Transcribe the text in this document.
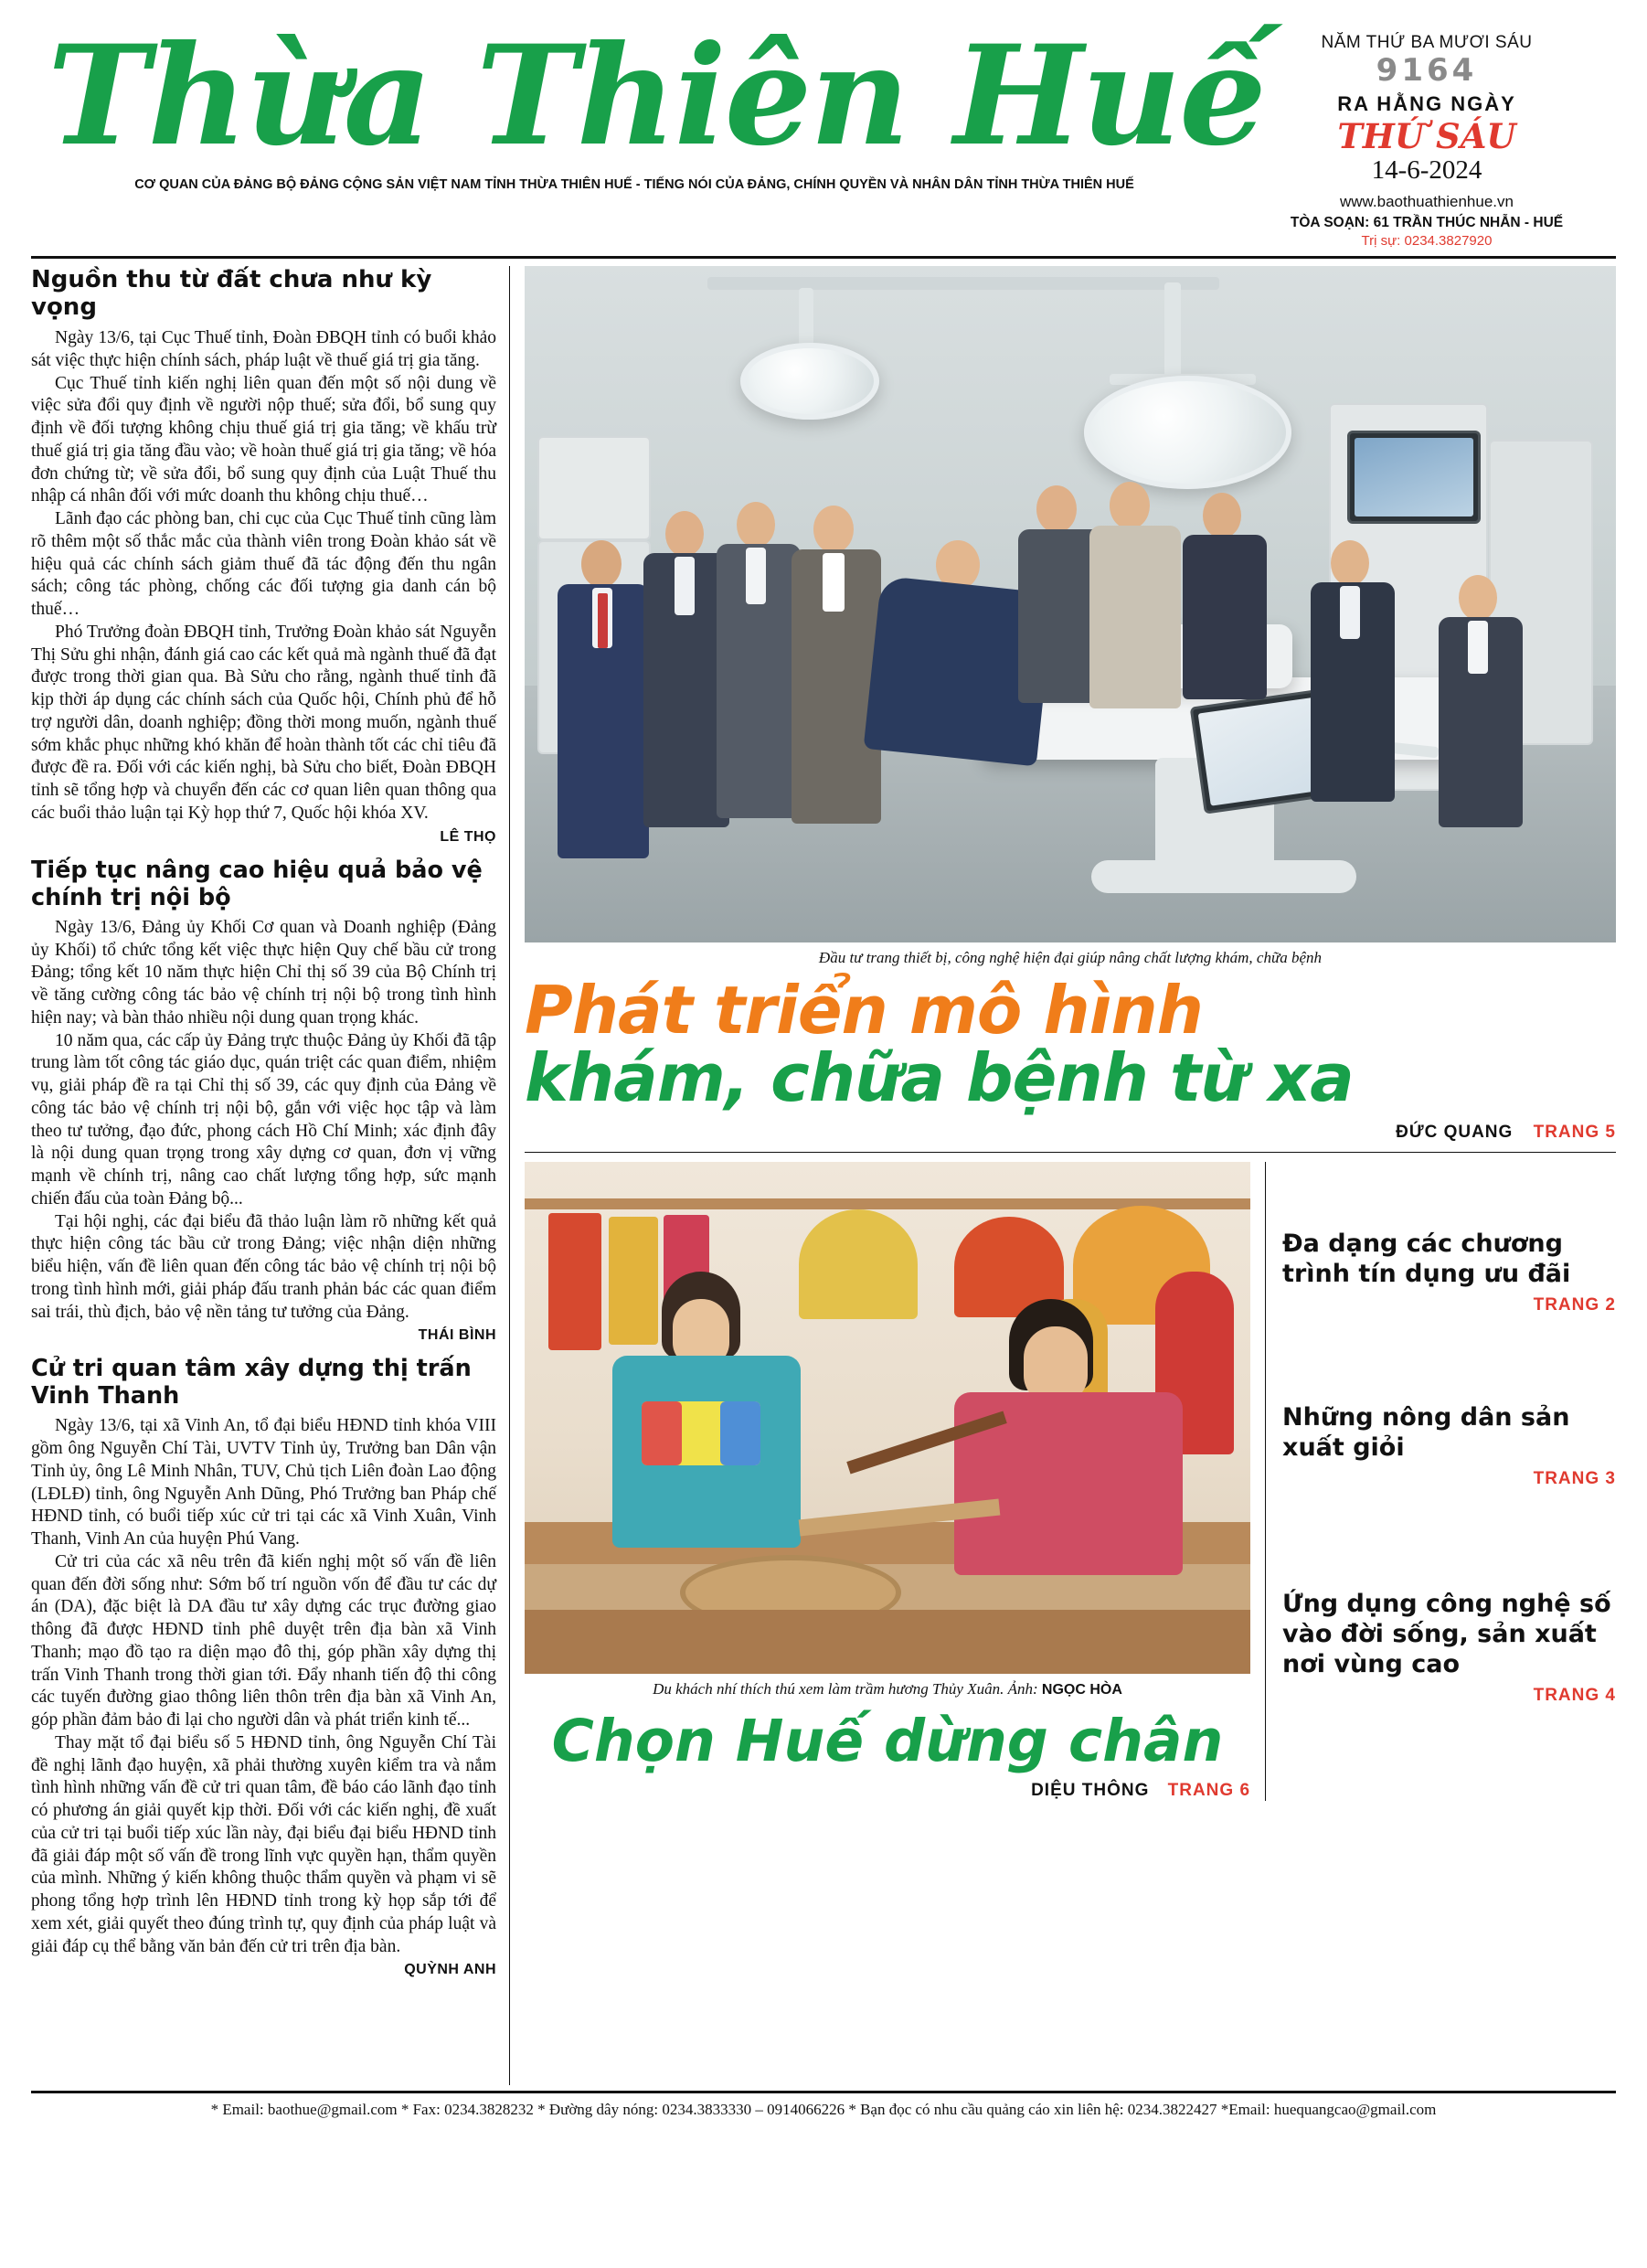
Thừa Thiên Huế
CƠ QUAN CỦA ĐẢNG BỘ ĐẢNG CỘNG SẢN VIỆT NAM TỈNH THỪA THIÊN HUẾ - TIẾNG NÓI CỦA ĐẢNG, CHÍNH QUYỀN VÀ NHÂN DÂN TỈNH THỪA THIÊN HUẾ
NĂM THỨ BA MƯƠI SÁU
9164
RA HẰNG NGÀY
THỨ SÁU
14-6-2024
www.baothuathienhue.vn
TÒA SOẠN: 61 TRẦN THÚC NHẪN - HUẾ
Trị sự: 0234.3827920
Nguồn thu từ đất chưa như kỳ vọng

Ngày 13/6, tại Cục Thuế tỉnh, Đoàn ĐBQH tỉnh có buổi khảo sát việc thực hiện chính sách, pháp luật về thuế giá trị gia tăng.

Cục Thuế tỉnh kiến nghị liên quan đến một số nội dung về việc sửa đổi quy định về người nộp thuế; sửa đổi, bổ sung quy định về đối tượng không chịu thuế giá trị gia tăng; về khấu trừ thuế giá trị gia tăng đầu vào; về hoàn thuế giá trị gia tăng; về hóa đơn chứng từ; về sửa đổi, bổ sung quy định của Luật Thuế thu nhập cá nhân đối với mức doanh thu không chịu thuế…

Lãnh đạo các phòng ban, chi cục của Cục Thuế tỉnh cũng làm rõ thêm một số thắc mắc của thành viên trong Đoàn khảo sát về hiệu quả các chính sách giảm thuế đã tác động đến thu ngân sách; công tác phòng, chống các đối tượng gia danh cán bộ thuế…

Phó Trưởng đoàn ĐBQH tỉnh, Trưởng Đoàn khảo sát Nguyễn Thị Sửu ghi nhận, đánh giá cao các kết quả mà ngành thuế đã đạt được trong thời gian qua. Bà Sửu cho rằng, ngành thuế tỉnh đã kịp thời áp dụng các chính sách của Quốc hội, Chính phủ để hỗ trợ người dân, doanh nghiệp; đồng thời mong muốn, ngành thuế sớm khắc phục những khó khăn để hoàn thành tốt các chỉ tiêu đã được đề ra. Đối với các kiến nghị, bà Sửu cho biết, Đoàn ĐBQH tỉnh sẽ tổng hợp và chuyển đến các cơ quan liên quan thông qua các buổi thảo luận tại Kỳ họp thứ 7, Quốc hội khóa XV.

LÊ THỌ
Tiếp tục nâng cao hiệu quả bảo vệ chính trị nội bộ

Ngày 13/6, Đảng ủy Khối Cơ quan và Doanh nghiệp (Đảng ủy Khối) tổ chức tổng kết việc thực hiện Quy chế bầu cử trong Đảng; tổng kết 10 năm thực hiện Chỉ thị số 39 của Bộ Chính trị về tăng cường công tác bảo vệ chính trị nội bộ trong tình hình hiện nay; và bàn thảo nhiều nội dung quan trọng khác.

10 năm qua, các cấp ủy Đảng trực thuộc Đảng ủy Khối đã tập trung làm tốt công tác giáo dục, quán triệt các quan điểm, nhiệm vụ, giải pháp đề ra tại Chỉ thị số 39, các quy định của Đảng về công tác bảo vệ chính trị nội bộ, gắn với việc học tập và làm theo tư tưởng, đạo đức, phong cách Hồ Chí Minh; xác định đây là nội dung quan trọng trong xây dựng cơ quan, đơn vị vững mạnh về chính trị, nâng cao chất lượng tổng hợp, sức mạnh chiến đấu của toàn Đảng bộ...

Tại hội nghị, các đại biểu đã thảo luận làm rõ những kết quả thực hiện công tác bầu cử trong Đảng; việc nhận diện những biểu hiện, vấn đề liên quan đến công tác bảo vệ chính trị nội bộ trong tình hình mới, giải pháp đấu tranh phản bác các quan điểm sai trái, thù địch, bảo vệ nền tảng tư tưởng của Đảng.

THÁI BÌNH
Cử tri quan tâm xây dựng thị trấn Vinh Thanh

Ngày 13/6, tại xã Vinh An, tổ đại biểu HĐND tỉnh khóa VIII gồm ông Nguyễn Chí Tài, UVTV Tỉnh ủy, Trưởng ban Dân vận Tỉnh ủy, ông Lê Minh Nhân, TUV, Chủ tịch Liên đoàn Lao động (LĐLĐ) tỉnh, ông Nguyễn Anh Dũng, Phó Trưởng ban Pháp chế HĐND tỉnh, có buổi tiếp xúc cử tri tại các xã Vinh Xuân, Vinh Thanh, Vinh An của huyện Phú Vang.

Cử tri của các xã nêu trên đã kiến nghị một số vấn đề liên quan đến đời sống như: Sớm bố trí nguồn vốn để đầu tư các dự án (DA), đặc biệt là DA đầu tư xây dựng các trục đường giao thông đã được HĐND tỉnh phê duyệt trên địa bàn xã Vinh Thanh; mạo đồ tạo ra diện mạo đô thị, góp phần xây dựng thị trấn Vinh Thanh trong thời gian tới. Đẩy nhanh tiến độ thi công các tuyến đường giao thông liên thôn trên địa bàn xã Vinh An, góp phần đảm bảo đi lại cho người dân và phát triển kinh tế...

Thay mặt tổ đại biểu số 5 HĐND tỉnh, ông Nguyễn Chí Tài đề nghị lãnh đạo huyện, xã phải thường xuyên kiểm tra và nắm tình hình những vấn đề cử tri quan tâm, đề báo cáo lãnh đạo tỉnh có phương án giải quyết kịp thời. Đối với các kiến nghị, đề xuất của cử tri tại buổi tiếp xúc lần này, đại biểu đại biểu HĐND tỉnh đã giải đáp một số vấn đề trong lĩnh vực quyền hạn, thẩm quyền của mình. Những ý kiến không thuộc thẩm quyền và phạm vi sẽ phong tổng hợp trình lên HĐND tỉnh trong kỳ họp sắp tới để xem xét, giải quyết theo đúng trình tự, quy định của pháp luật và giải đáp cụ thể bằng văn bản đến cử tri trên địa bàn.

QUỲNH ANH
Đầu tư trang thiết bị, công nghệ hiện đại giúp nâng chất lượng khám, chữa bệnh
Phát triển mô hình
khám, chữa bệnh từ xa
ĐỨC QUANG TRANG 5
Du khách nhí thích thú xem làm trầm hương Thủy Xuân. Ảnh: NGỌC HÒA
Chọn Huế dừng chân
DIỆU THÔNG TRANG 6
Đa dạng các chương trình tín dụng ưu đãi
TRANG 2
Những nông dân sản xuất giỏi
TRANG 3
Ứng dụng công nghệ số vào đời sống, sản xuất nơi vùng cao
TRANG 4
* Email: baothue@gmail.com * Fax: 0234.3828232 * Đường dây nóng: 0234.3833330 – 0914066226 * Bạn đọc có nhu cầu quảng cáo xin liên hệ: 0234.3822427 *Email: huequangcao@gmail.com
